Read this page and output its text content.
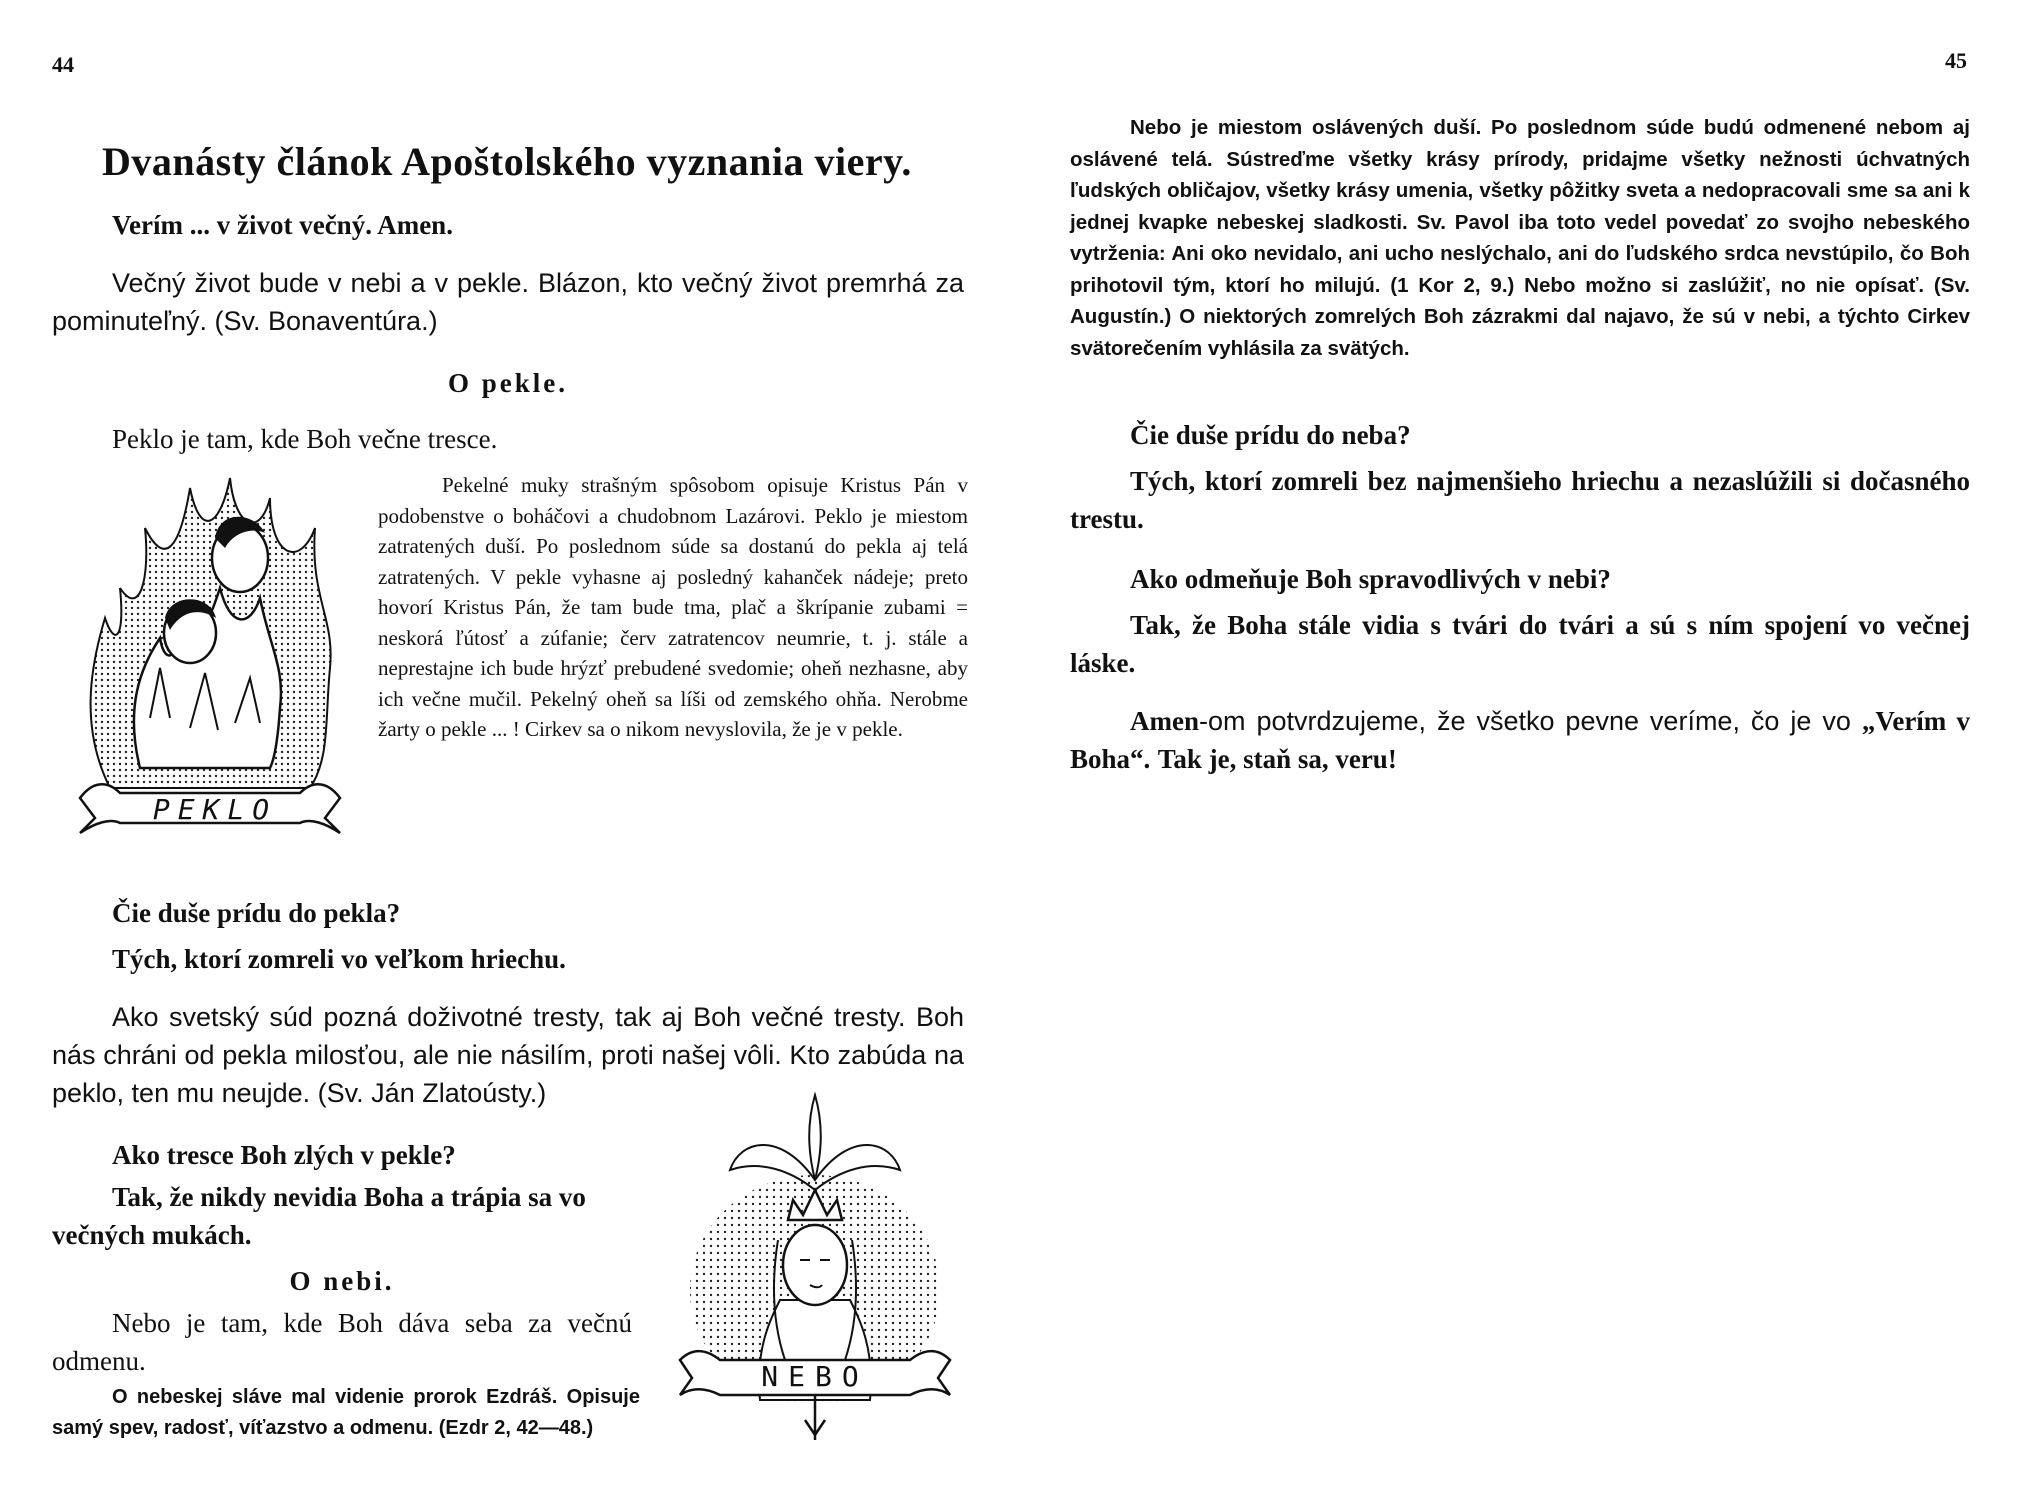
44
Dvanásty článok Apoštolského vyznania viery.
Verím ... v život večný. Amen.
Večný život bude v nebi a v pekle. Blázon, kto večný život premrhá za pominuteľný. (Sv. Bonaventúra.)
O pekle.
Peklo je tam, kde Boh večne tresce.
PEKLO
Pekelné muky strašným spôsobom opisuje Kristus Pán v podobenstve o boháčovi a chudobnom Lazárovi. Peklo je miestom zatratených duší. Po poslednom súde sa dostanú do pekla aj telá zatratených. V pekle vyhasne aj posledný kahanček nádeje; preto hovorí Kristus Pán, že tam bude tma, plač a škrípanie zubami = neskorá ľútosť a zúfanie; červ zatratencov neumrie, t. j. stále a neprestajne ich bude hrýzť prebudené svedomie; oheň nezhasne, aby ich večne mučil. Pekelný oheň sa líši od zemského ohňa. Nerobme žarty o pekle ... ! Cirkev sa o nikom nevyslovila, že je v pekle.
Čie duše prídu do pekla?
Tých, ktorí zomreli vo veľkom hriechu.
Ako svetský súd pozná doživotné tresty, tak aj Boh večné tresty. Boh nás chráni od pekla milosťou, ale nie násilím, proti našej vôli. Kto zabúda na peklo, ten mu neujde. (Sv. Ján Zlatoústy.)
Ako tresce Boh zlých v pekle?
Tak, že nikdy nevidia Boha a trápia sa vo večných mukách.
O nebi.
Nebo je tam, kde Boh dáva seba za večnú odmenu.
O nebeskej sláve mal videnie prorok Ezdráš. Opisuje samý spev, radosť, víťazstvo a odmenu. (Ezdr 2, 42—48.)
NEBO
45
Nebo je miestom oslávených duší. Po poslednom súde budú odmenené nebom aj oslávené telá. Sústreďme všetky krásy prírody, pridajme všetky nežnosti úchvatných ľudských obličajov, všetky krásy umenia, všetky pôžitky sveta a nedopracovali sme sa ani k jednej kvapke nebeskej sladkosti. Sv. Pavol iba toto vedel povedať zo svojho nebeského vytrženia: Ani oko nevidalo, ani ucho neslýchalo, ani do ľudského srdca nevstúpilo, čo Boh prihotovil tým, ktorí ho milujú. (1 Kor 2, 9.) Nebo možno si zaslúžiť, no nie opísať. (Sv. Augustín.) O niektorých zomrelých Boh zázrakmi dal najavo, že sú v nebi, a týchto Cirkev svätorečením vyhlásila za svätých.
Čie duše prídu do neba?
Tých, ktorí zomreli bez najmenšieho hriechu a nezaslúžili si dočasného trestu.
Ako odmeňuje Boh spravodlivých v nebi?
Tak, že Boha stále vidia s tvári do tvári a sú s ním spojení vo večnej láske.
Amen-om potvrdzujeme, že všetko pevne veríme, čo je vo „Verím v Boha“. Tak je, staň sa, veru!
